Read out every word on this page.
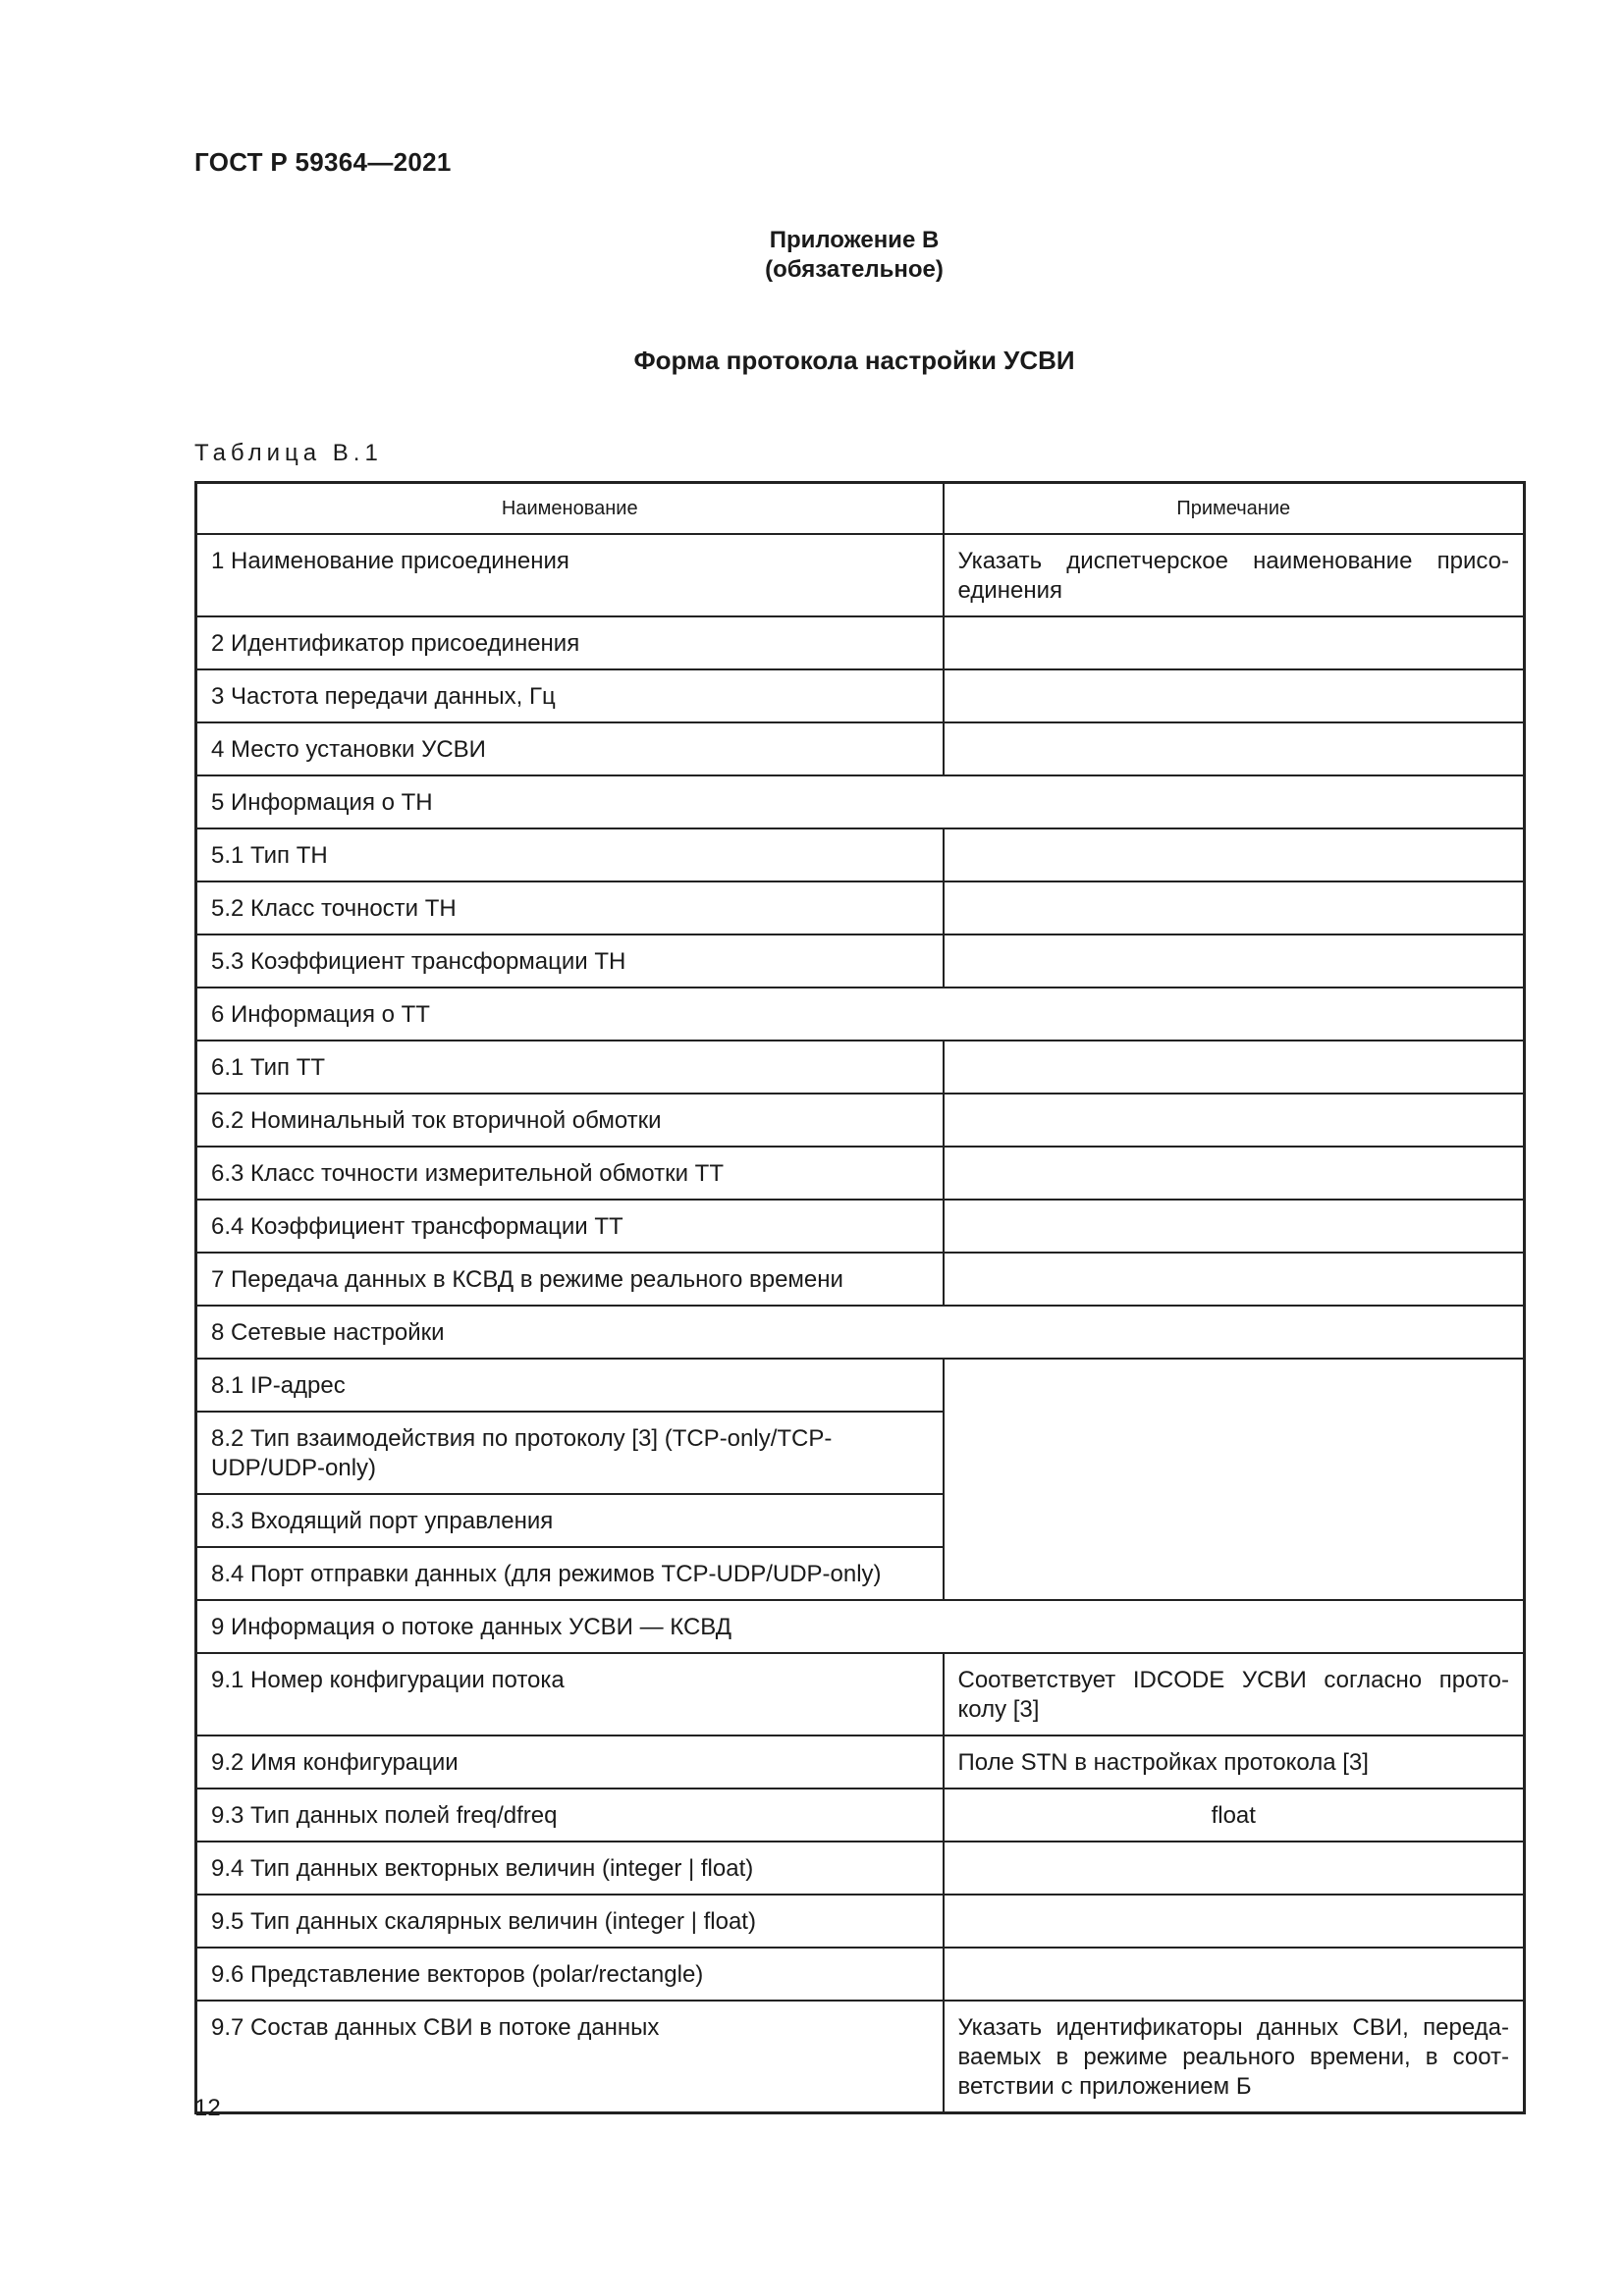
ГОСТ Р 59364—2021
Приложение В
(обязательное)
Форма протокола настройки УСВИ
Таблица В.1
Наименование	Примечание
1 Наименование присоединения	Указать диспетчерское наименование присо-единения
2 Идентификатор присоединения	
3 Частота передачи данных, Гц	
4 Место установки УСВИ	
5 Информация о ТН	
5.1 Тип ТН	
5.2 Класс точности ТН	
5.3 Коэффициент трансформации ТН	
6 Информация о ТТ	
6.1 Тип ТТ	
6.2 Номинальный ток вторичной обмотки	
6.3 Класс точности измерительной обмотки ТТ	
6.4 Коэффициент трансформации ТТ	
7 Передача данных в КСВД в режиме реального времени	
8 Сетевые настройки	
8.1 IP-адрес	
8.2 Тип взаимодействия по протоколу [3] (TCP-only/TCP-UDP/UDP-only)	
8.3 Входящий порт управления	
8.4 Порт отправки данных (для режимов TCP-UDP/UDP-only)	
9 Информация о потоке данных УСВИ — КСВД	
9.1 Номер конфигурации потока	Соответствует IDCODE УСВИ согласно прото-колу [3]
9.2 Имя конфигурации	Поле STN в настройках протокола [3]
9.3 Тип данных полей freq/dfreq	float
9.4 Тип данных векторных величин (integer | float)	
9.5 Тип данных скалярных величин (integer | float)	
9.6 Представление векторов (polar/rectangle)	
9.7 Состав данных СВИ в потоке данных	Указать идентификаторы данных СВИ, переда-ваемых в режиме реального времени, в соот-ветствии с приложением Б
12
